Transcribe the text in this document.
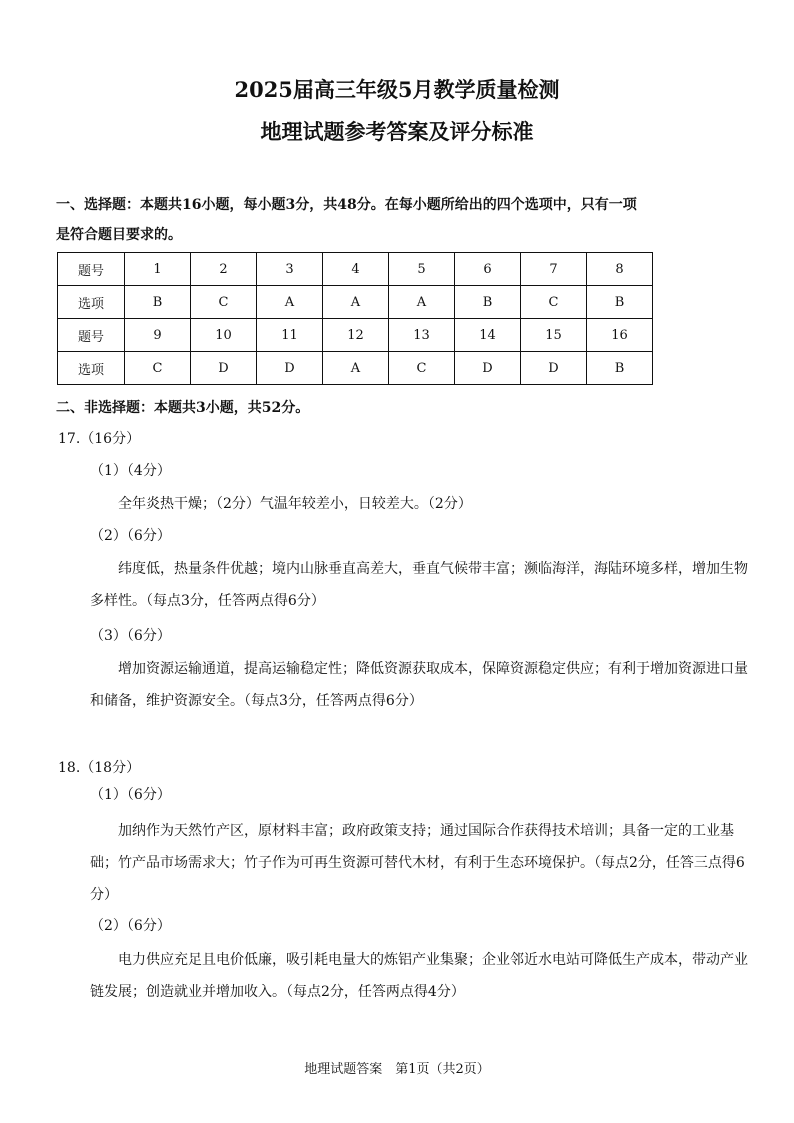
2025届高三年级5月教学质量检测
地理试题参考答案及评分标准
一、选择题：本题共16小题，每小题3分，共48分。在每小题所给出的四个选项中，只有一项
是符合题目要求的。
题号	1	2	3	4	5	6	7	8
选项	B	C	A	A	A	B	C	B
题号	9	10	11	12	13	14	15	16
选项	C	D	D	A	C	D	D	B
二、非选择题：本题共3小题，共52分。
17.（16分）
（1）（4分）
全年炎热干燥；（2分）气温年较差小，日较差大。（2分）
（2）（6分）
纬度低，热量条件优越；境内山脉垂直高差大，垂直气候带丰富；濒临海洋，海陆环境多样，增加生物多样性。（每点3分，任答两点得6分）
（3）（6分）
增加资源运输通道，提高运输稳定性；降低资源获取成本，保障资源稳定供应；有利于增加资源进口量和储备，维护资源安全。（每点3分，任答两点得6分）
18.（18分）
（1）（6分）
加纳作为天然竹产区，原材料丰富；政府政策支持；通过国际合作获得技术培训；具备一定的工业基础；竹产品市场需求大；竹子作为可再生资源可替代木材，有利于生态环境保护。（每点2分，任答三点得6分）
（2）（6分）
电力供应充足且电价低廉，吸引耗电量大的炼铝产业集聚；企业邻近水电站可降低生产成本，带动产业链发展；创造就业并增加收入。（每点2分，任答两点得4分）
地理试题答案　第1页（共2页）
